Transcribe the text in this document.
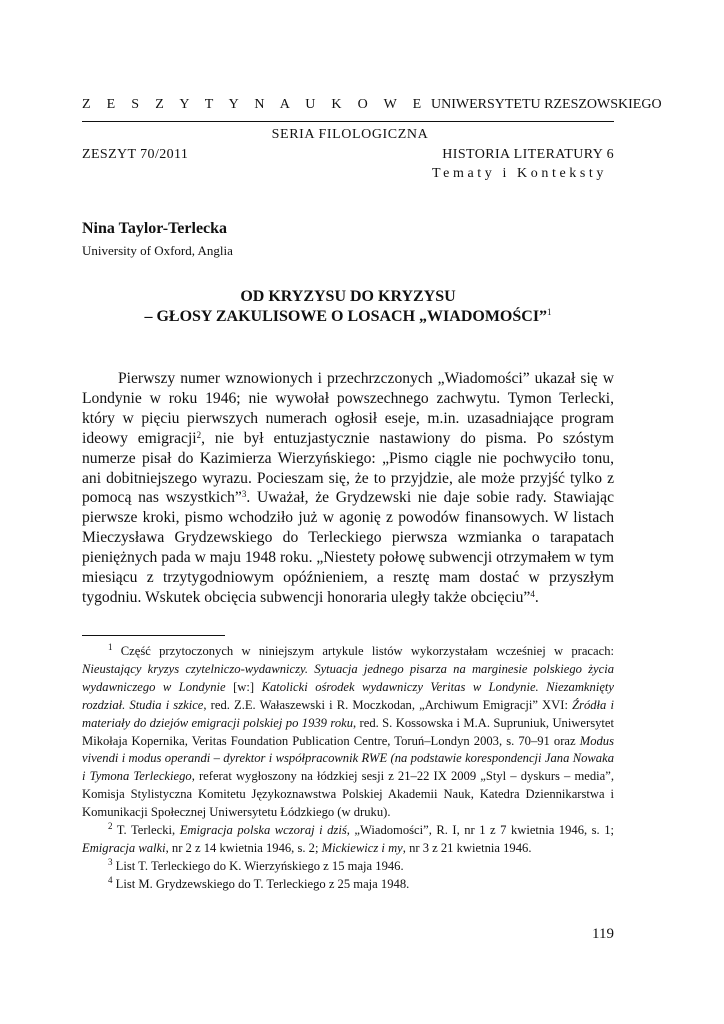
Z E S Z Y T Y N A U K O W E UNIWERSYTETU RZESZOWSKIEGO
SERIA FILOLOGICZNA
ZESZYT 70/2011	HISTORIA LITERATURY 6
Tematy i Konteksty
Nina Taylor-Terlecka
University of Oxford, Anglia
OD KRYZYSU DO KRYZYSU
– GŁOSY ZAKULISOWE O LOSACH „WIADOMOŚCI”$^1$

Pierwszy numer wznowionych i przechrzczonych „Wiadomości” ukazał się w Londynie w roku 1946; nie wywołał powszechnego zachwytu. Tymon Terlecki, który w pięciu pierwszych numerach ogłosił eseje, m.in. uzasadniające program ideowy emigracji$^2$, nie był entuzjastycznie nastawiony do pisma. Po szóstym numerze pisał do Kazimierza Wierzyńskiego: „Pismo ciągle nie pochwyciło tonu, ani dobitniejszego wyrazu. Pocieszam się, że to przyjdzie, ale może przyjść tylko z pomocą nas wszystkich”$^3$. Uważał, że Grydzewski nie daje sobie rady. Stawiając pierwsze kroki, pismo wchodziło już w agonię z powodów finansowych. W listach Mieczysława Grydzewskiego do Terleckiego pierwsza wzmianka o tarapatach pieniężnych pada w maju 1948 roku. „Niestety połowę subwencji otrzymałem w tym miesiącu z trzytygodniowym opóźnieniem, a resztę mam dostać w przyszłym tygodniu. Wskutek obcięcia subwencji honoraria uległy także obcięciu”$^4$.

$^1$ Część przytoczonych w niniejszym artykule listów wykorzystałam wcześniej w pracach: Nieustający kryzys czytelniczo-wydawniczy. Sytuacja jednego pisarza na marginesie polskiego życia wydawniczego w Londynie [w:] Katolicki ośrodek wydawniczy Veritas w Londynie. Niezamknięty rozdział. Studia i szkice, red. Z.E. Wałaszewski i R. Moczkodan, „Archiwum Emigracji” XVI: Źródła i materiały do dziejów emigracji polskiej po 1939 roku, red. S. Kossowska i M.A. Supruniuk, Uniwersytet Mikołaja Kopernika, Veritas Foundation Publication Centre, Toruń–Londyn 2003, s. 70–91 oraz Modus vivendi i modus operandi – dyrektor i współpracownik RWE (na podstawie korespondencji Jana Nowaka i Tymona Terleckiego, referat wygłoszony na łódzkiej sesji z 21–22 IX 2009 „Styl – dyskurs – media”, Komisja Stylistyczna Komitetu Językoznawstwa Polskiej Akademii Nauk, Katedra Dziennikarstwa i Komunikacji Społecznej Uniwersytetu Łódzkiego (w druku).

$^2$ T. Terlecki, Emigracja polska wczoraj i dziś, „Wiadomości”, R. I, nr 1 z 7 kwietnia 1946, s. 1; Emigracja walki, nr 2 z 14 kwietnia 1946, s. 2; Mickiewicz i my, nr 3 z 21 kwietnia 1946.

$^3$ List T. Terleckiego do K. Wierzyńskiego z 15 maja 1946.

$^4$ List M. Grydzewskiego do T. Terleckiego z 25 maja 1948.

119
